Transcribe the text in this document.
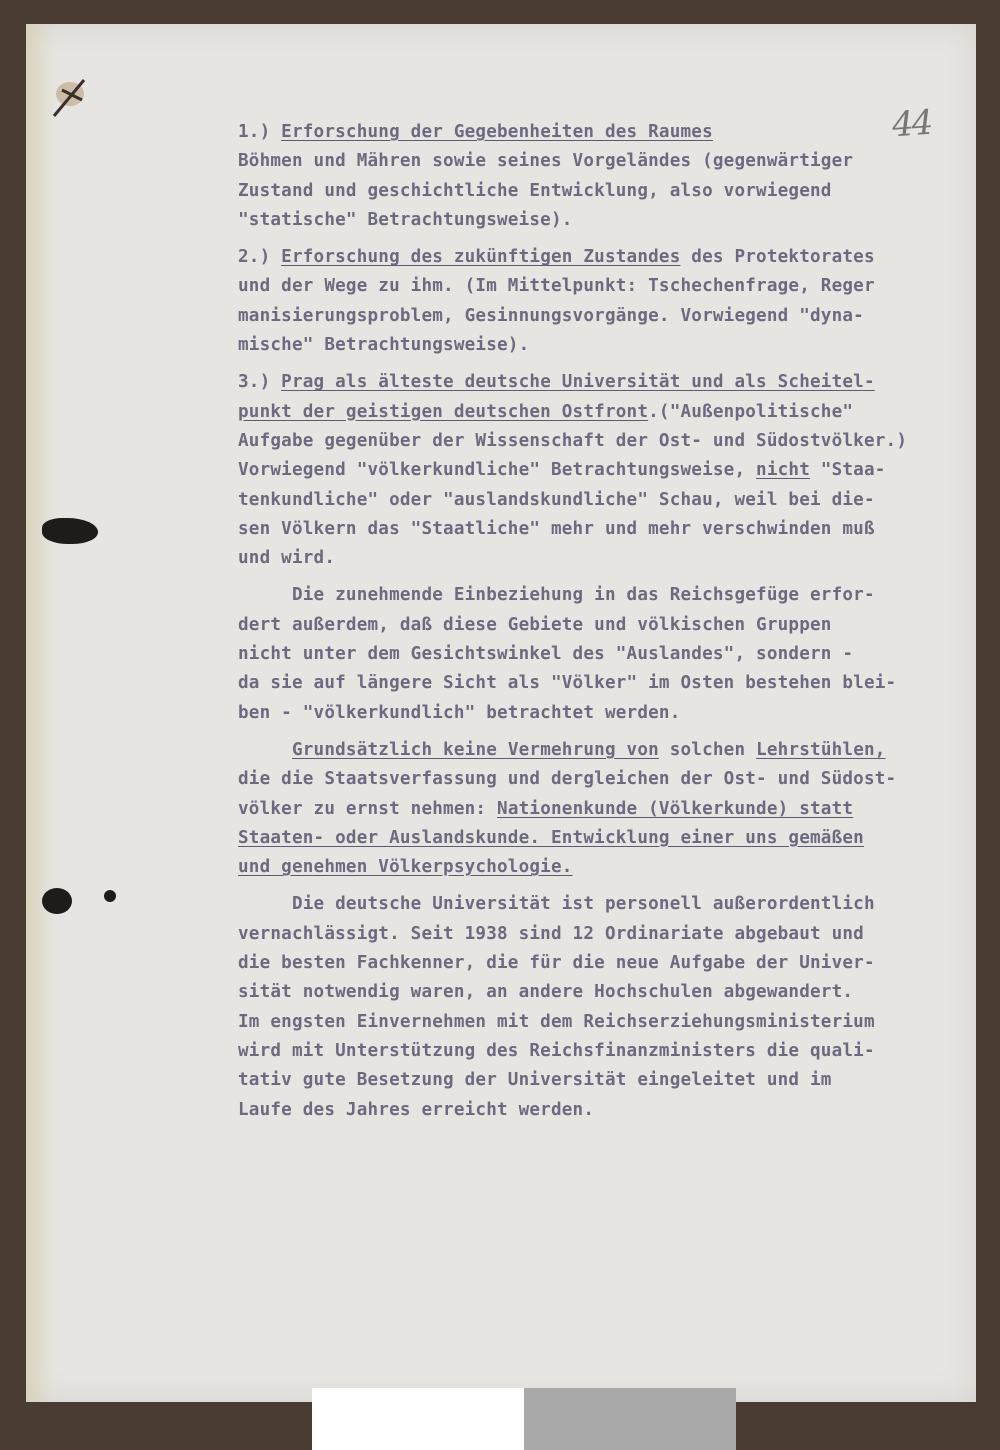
44

1.) Erforschung der Gegebenheiten des Raumes

Böhmen und Mähren sowie seines Vorgeländes (gegenwärtiger

Zustand und geschichtliche Entwicklung, also vorwiegend

"statische" Betrachtungsweise).

2.) Erforschung des zukünftigen Zustandes des Protektorates

und der Wege zu ihm. (Im Mittelpunkt: Tschechenfrage, Reger

manisierungsproblem, Gesinnungsvorgänge. Vorwiegend "dyna-

mische" Betrachtungsweise).

3.) Prag als älteste deutsche Universität und als Scheitel-

punkt der geistigen deutschen Ostfront.("Außenpolitische"

Aufgabe gegenüber der Wissenschaft der Ost- und Südostvölker.)

Vorwiegend "völkerkundliche" Betrachtungsweise, nicht "Staa-

tenkundliche" oder "auslandskundliche" Schau, weil bei die-

sen Völkern das "Staatliche" mehr und mehr verschwinden muß

und wird.

Die zunehmende Einbeziehung in das Reichsgefüge erfor-

dert außerdem, daß diese Gebiete und völkischen Gruppen

nicht unter dem Gesichtswinkel des "Auslandes", sondern -

da sie auf längere Sicht als "Völker" im Osten bestehen blei-

ben - "völkerkundlich" betrachtet werden.

Grundsätzlich keine Vermehrung von solchen Lehrstühlen,

die die Staatsverfassung und dergleichen der Ost- und Südost-

völker zu ernst nehmen: Nationenkunde (Völkerkunde) statt

Staaten- oder Auslandskunde. Entwicklung einer uns gemäßen

und genehmen Völkerpsychologie.

Die deutsche Universität ist personell außerordentlich

vernachlässigt. Seit 1938 sind 12 Ordinariate abgebaut und

die besten Fachkenner, die für die neue Aufgabe der Univer-

sität notwendig waren, an andere Hochschulen abgewandert.

Im engsten Einvernehmen mit dem Reichserziehungsministerium

wird mit Unterstützung des Reichsfinanzministers die quali-

tativ gute Besetzung der Universität eingeleitet und im

Laufe des Jahres erreicht werden.
